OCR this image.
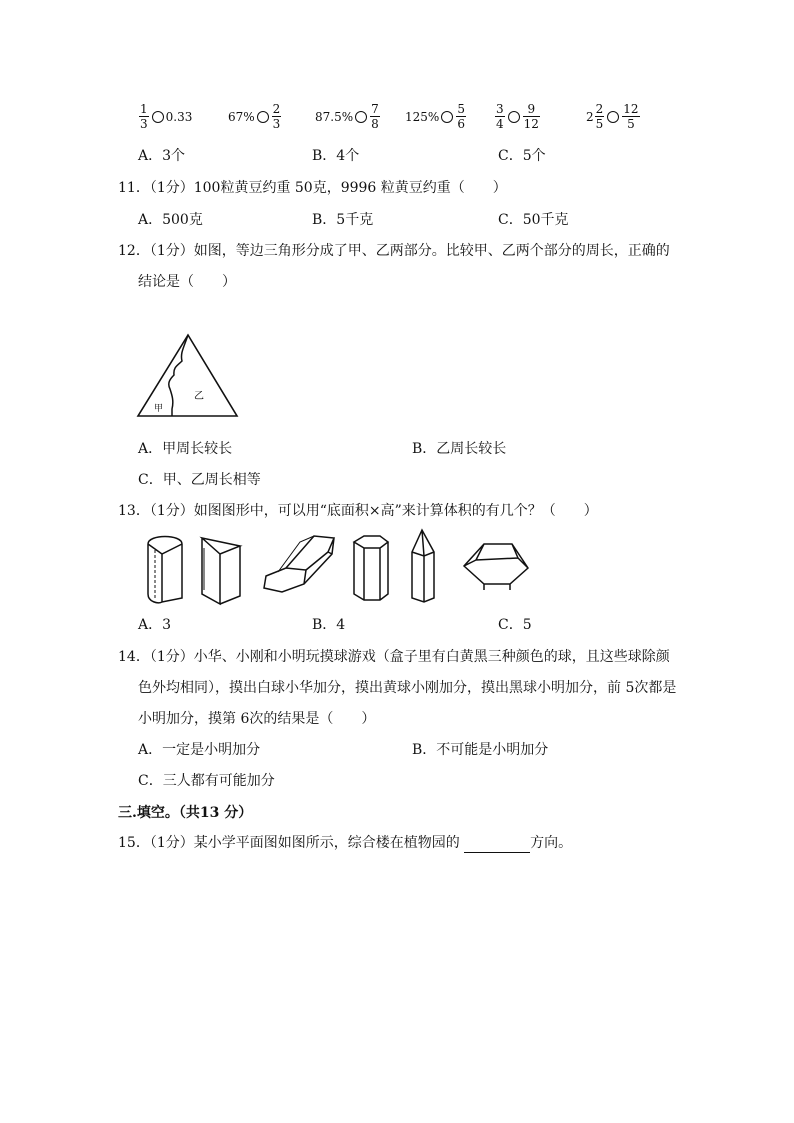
$\frac{1}{3} 0.33$	$67\% \frac{2}{3}$	$87.5\% \frac{7}{8} 125\% \frac{5}{6} \frac{3}{4} \frac{9}{12}$	$2 \frac{2}{5} \frac{12}{5}$
A．3个	B．4个	C．5个
11．（1分）100粒黄豆约重 50克，9996 粒黄豆约重（　　）
A．500克	B．5千克	C．50千克
12．（1分）如图，等边三角形分成了甲、乙两部分。比较甲、乙两个部分的周长，正确的
结论是（　　）
甲
乙
A．甲周长较长	B．乙周长较长
C．甲、乙周长相等
13．（1分）如图图形中，可以用“底面积×高”来计算体积的有几个？（　　）
A．3	B．4	C．5
14．（1分）小华、小刚和小明玩摸球游戏（盒子里有白黄黑三种颜色的球，且这些球除颜
色外均相同），摸出白球小华加分，摸出黄球小刚加分，摸出黑球小明加分，前 5次都是
小明加分，摸第 6次的结果是（　　）
A．一定是小明加分	B．不可能是小明加分
C．三人都有可能加分
三.填空。（共13 分）
15．（1分）某小学平面图如图所示，综合楼在植物园的	方向。
